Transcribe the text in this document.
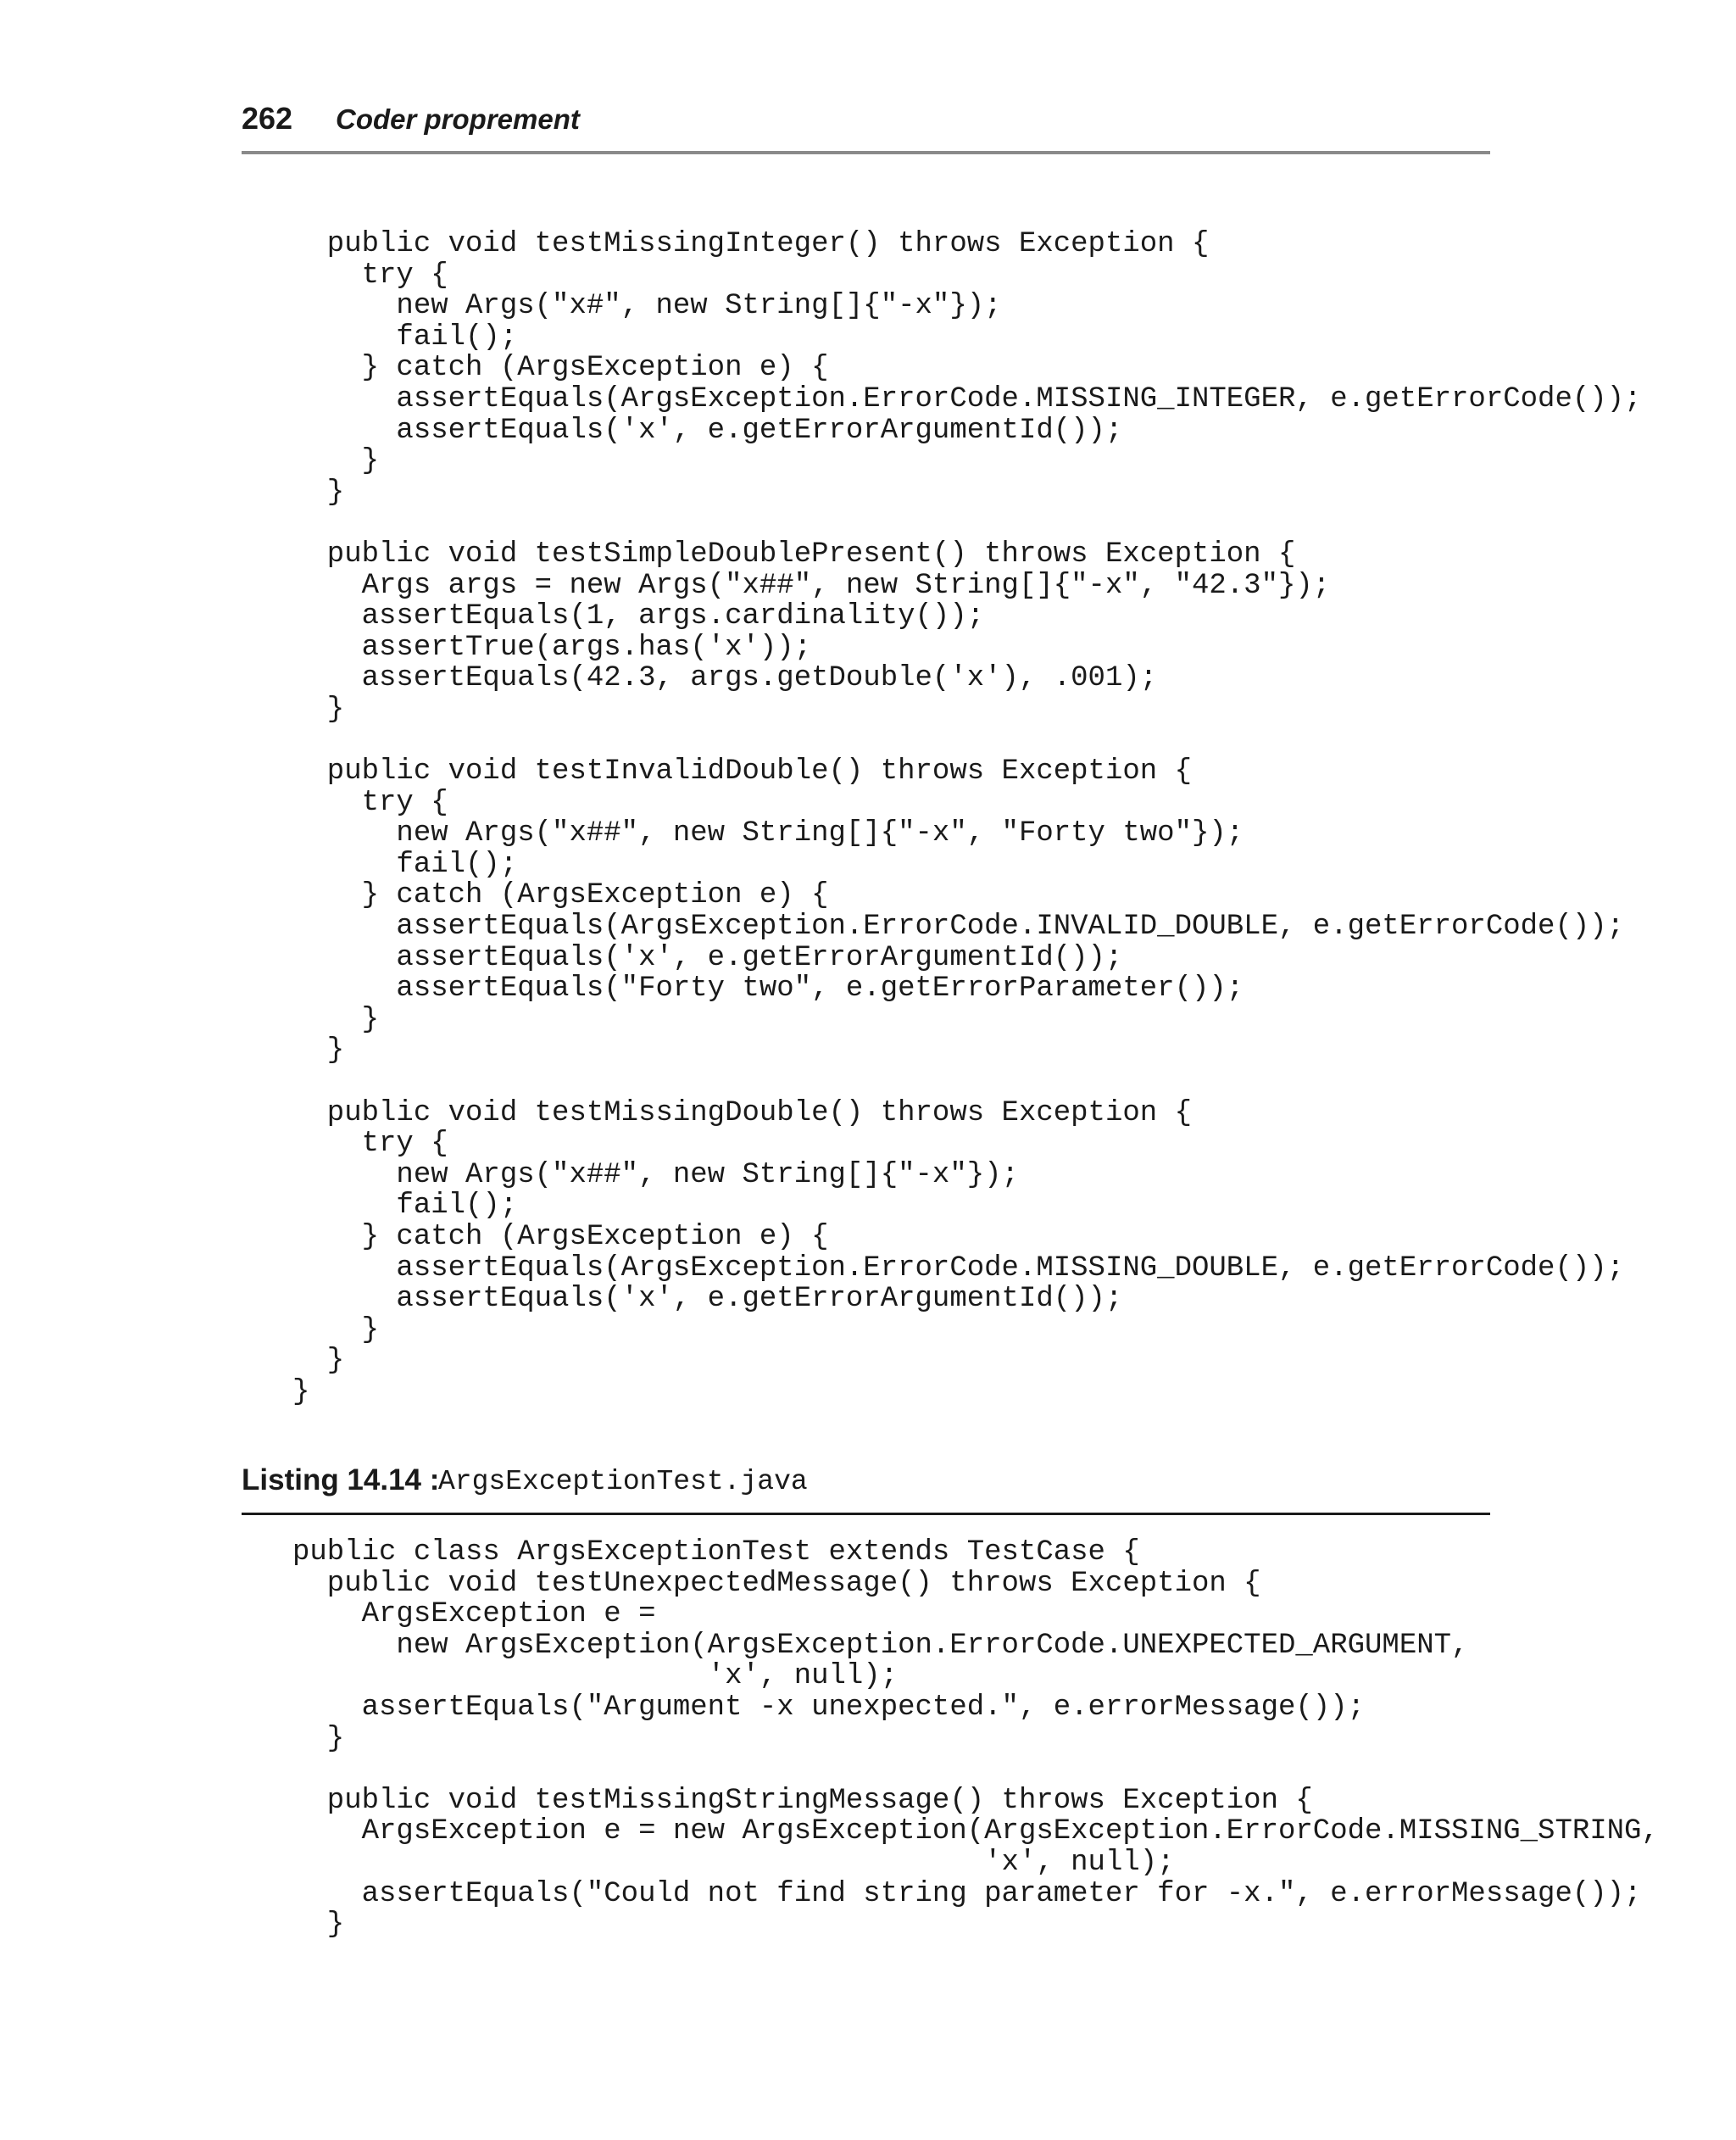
262 Coder proprement
public void testMissingInteger() throws Exception {
try {
new Args("x#", new String[]{"-x"});
fail();
} catch (ArgsException e) {
assertEquals(ArgsException.ErrorCode.MISSING_INTEGER, e.getErrorCode());
assertEquals('x', e.getErrorArgumentId());
}
}
public void testSimpleDoublePresent() throws Exception {
Args args = new Args("x##", new String[]{"-x", "42.3"});
assertEquals(1, args.cardinality());
assertTrue(args.has('x'));
assertEquals(42.3, args.getDouble('x'), .001);
}
public void testInvalidDouble() throws Exception {
try {
new Args("x##", new String[]{"-x", "Forty two"});
fail();
} catch (ArgsException e) {
assertEquals(ArgsException.ErrorCode.INVALID_DOUBLE, e.getErrorCode());
assertEquals('x', e.getErrorArgumentId());
assertEquals("Forty two", e.getErrorParameter());
}
}
public void testMissingDouble() throws Exception {
try {
new Args("x##", new String[]{"-x"});
fail();
} catch (ArgsException e) {
assertEquals(ArgsException.ErrorCode.MISSING_DOUBLE, e.getErrorCode());
assertEquals('x', e.getErrorArgumentId());
}
}
}
Listing 14.14 :
ArgsExceptionTest.java
public class ArgsExceptionTest extends TestCase {
public void testUnexpectedMessage() throws Exception {
ArgsException e =
new ArgsException(ArgsException.ErrorCode.UNEXPECTED_ARGUMENT,
'x', null);
assertEquals("Argument -x unexpected.", e.errorMessage());
}
public void testMissingStringMessage() throws Exception {
ArgsException e = new ArgsException(ArgsException.ErrorCode.MISSING_STRING,
'x', null);
assertEquals("Could not find string parameter for -x.", e.errorMessage());
}
